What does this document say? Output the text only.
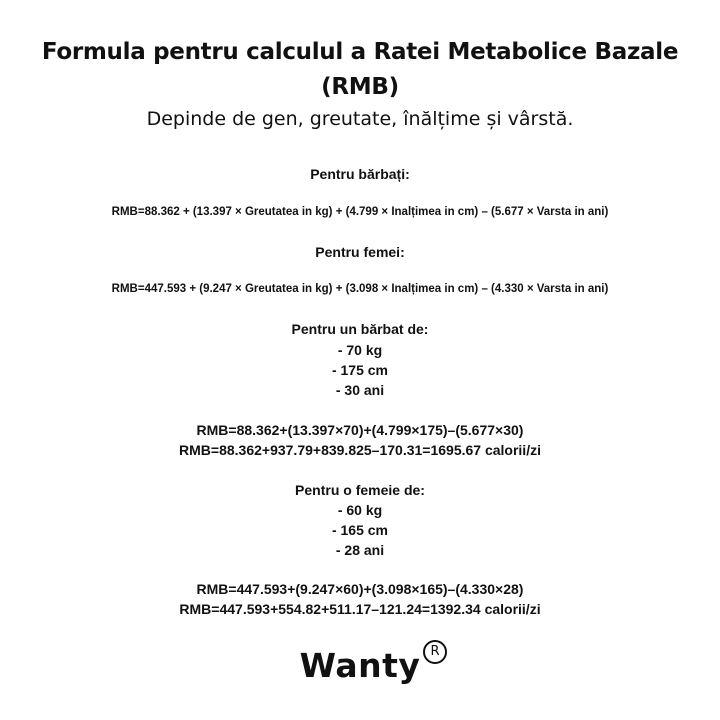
Formula pentru calculul a Ratei Metabolice Bazale
(RMB)
Depinde de gen, greutate, înălțime și vârstă.
Pentru bărbați:
RMB=88.362 + (13.397 × Greutatea in kg) + (4.799 × Inalțimea in cm) – (5.677 × Varsta in ani)
Pentru femei:
RMB=447.593 + (9.247 × Greutatea in kg) + (3.098 × Inalțimea in cm) – (4.330 × Varsta in ani)
Pentru un bărbat de:
- 70 kg
- 175 cm
- 30 ani
RMB=88.362+(13.397×70)+(4.799×175)–(5.677×30)
RMB=88.362+937.79+839.825–170.31=1695.67 calorii/zi
Pentru o femeie de:
- 60 kg
- 165 cm
- 28 ani
RMB=447.593+(9.247×60)+(3.098×165)–(4.330×28)
RMB=447.593+554.82+511.17–121.24=1392.34 calorii/zi
Wanty R
